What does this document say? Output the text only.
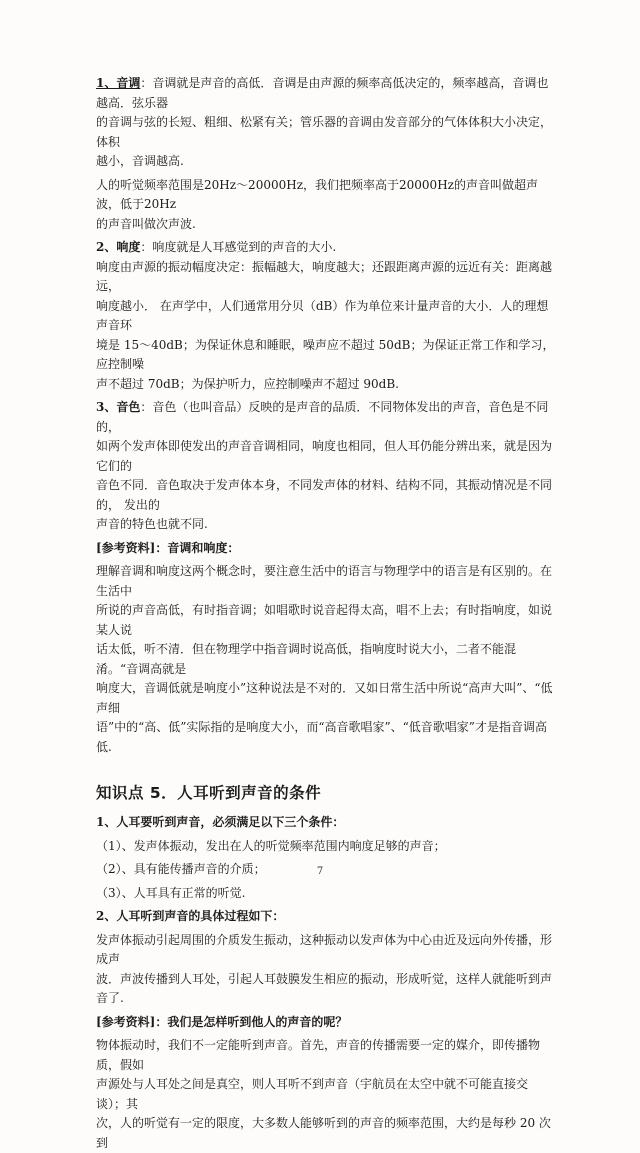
1、音调：音调就是声音的高低．音调是由声源的频率高低决定的，频率越高，音调也越高．弦乐器

的音调与弦的长短、粗细、松紧有关；管乐器的音调由发音部分的气体体积大小决定， 体积

越小，音调越高.

人的听觉频率范围是20Hz～20000Hz，我们把频率高于20000Hz的声音叫做超声波，低于20Hz

的声音叫做次声波.

2、响度：响度就是人耳感觉到的声音的大小.

响度由声源的振动幅度决定：振幅越大，响度越大；还跟距离声源的远近有关：距离越远，

响度越小． 在声学中，人们通常用分贝（dB）作为单位来计量声音的大小．人的理想声音环

境是 15～40dB；为保证休息和睡眠，噪声应不超过 50dB；为保证正常工作和学习，应控制噪

声不超过 70dB；为保护听力，应控制噪声不超过 90dB.

3、音色：音色（也叫音品）反映的是声音的品质．不同物体发出的声音，音色是不同的，

如两个发声体即使发出的声音音调相同，响度也相同，但人耳仍能分辨出来，就是因为它们的

音色不同．音色取决于发声体本身，不同发声体的材料、结构不同，其振动情况是不同的， 发出的

声音的特色也就不同.

[参考资料]：音调和响度：

理解音调和响度这两个概念时，要注意生活中的语言与物理学中的语言是有区别的。在生活中

所说的声音高低，有时指音调；如唱歌时说音起得太高，唱不上去；有时指响度，如说某人说

话太低，听不清．但在物理学中指音调时说高低，指响度时说大小，二者不能混淆。“音调高就是

响度大，音调低就是响度小”这种说法是不对的．又如日常生活中所说“高声大叫”、“低声细

语”中的“高、低”实际指的是响度大小，而“高音歌唱家”、“低音歌唱家”才是指音调高

低.

知识点 5．人耳听到声音的条件

1、人耳要听到声音，必须满足以下三个条件：

（1）、发声体振动，发出在人的听觉频率范围内响度足够的声音；

（2）、具有能传播声音的介质；

（3）、人耳具有正常的听觉.

2、人耳听到声音的具体过程如下：

发声体振动引起周围的介质发生振动，这种振动以发声体为中心由近及远向外传播，形成声

波．声波传播到人耳处，引起人耳鼓膜发生相应的振动，形成听觉，这样人就能听到声音了.

[参考资料]：我们是怎样听到他人的声音的呢？

物体振动时，我们不一定能听到声音。首先，声音的传播需要一定的媒介，即传播物质，假如

声源处与人耳处之间是真空，则人耳听不到声音（宇航员在太空中就不可能直接交谈）；其

次，人的听觉有一定的限度，大多数人能够听到的声音的频率范围，大约是每秒 20 次到

7
